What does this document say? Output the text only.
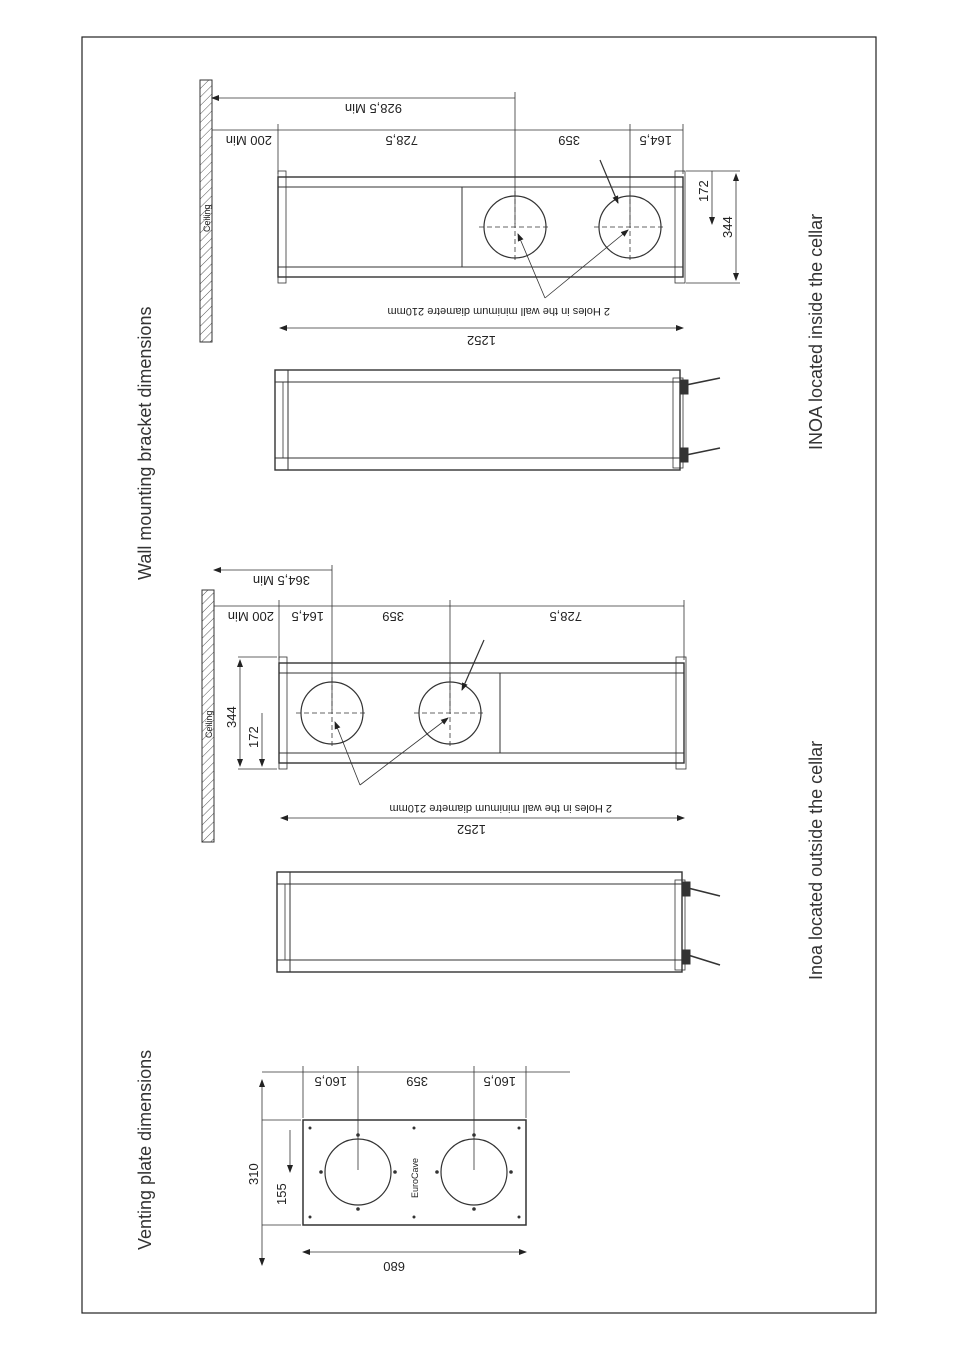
Venting plate dimensions
Wall mounting bracket dimensions
Inoa located outside the cellar
INOA located inside the cellar
EuroCave
310
155
680
160,5	359	160,5
Ceiling 344
172
1252
2 Holes in the wall minimum diametre 210mm
200 Min 164,5	359	728,5
364,5 Min
Ceiling	344
172
1252
2 Holes in the wall minimum diametre 210mm
200 Min	728,5	359	164,5
928,5 Min
